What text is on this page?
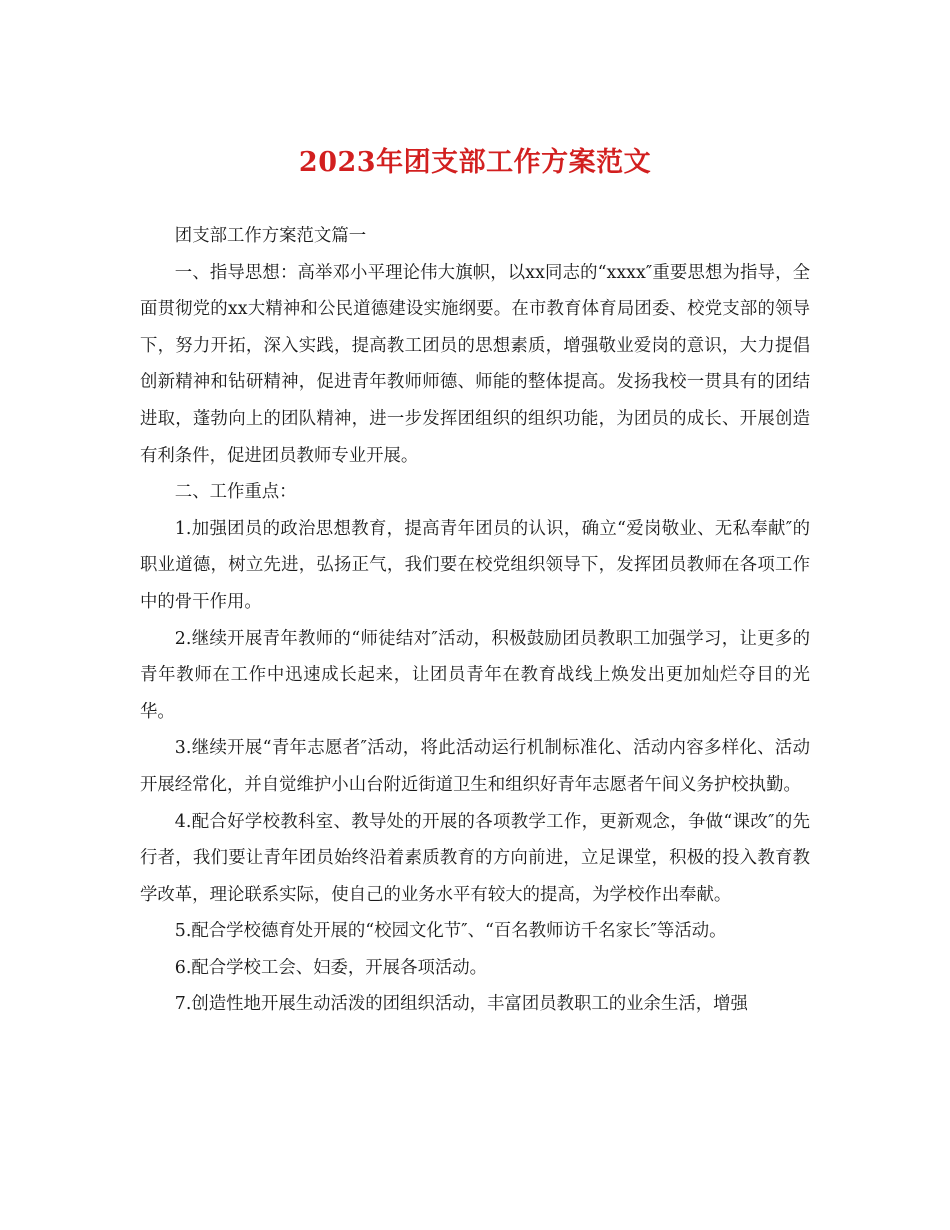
2023年团支部工作方案范文

团支部工作方案范文篇一

一、指导思想：高举邓小平理论伟大旗帜，以xx同志的“xxxx″重要思想为指导，全面贯彻党的xx大精神和公民道德建设实施纲要。在市教育体育局团委、校党支部的领导下，努力开拓，深入实践，提高教工团员的思想素质，增强敬业爱岗的意识，大力提倡创新精神和钻研精神，促进青年教师师德、师能的整体提高。发扬我校一贯具有的团结进取，蓬勃向上的团队精神，进一步发挥团组织的组织功能，为团员的成长、开展创造有利条件，促进团员教师专业开展。

二、工作重点：

1.加强团员的政治思想教育，提高青年团员的认识，确立“爱岗敬业、无私奉献″的职业道德，树立先进，弘扬正气，我们要在校党组织领导下，发挥团员教师在各项工作中的骨干作用。

2.继续开展青年教师的“师徒结对″活动，积极鼓励团员教职工加强学习，让更多的青年教师在工作中迅速成长起来，让团员青年在教育战线上焕发出更加灿烂夺目的光华。

3.继续开展“青年志愿者″活动，将此活动运行机制标准化、活动内容多样化、活动开展经常化，并自觉维护小山台附近街道卫生和组织好青年志愿者午间义务护校执勤。

4.配合好学校教科室、教导处的开展的各项教学工作，更新观念，争做“课改″的先行者，我们要让青年团员始终沿着素质教育的方向前进，立足课堂，积极的投入教育教学改革，理论联系实际，使自己的业务水平有较大的提高，为学校作出奉献。

5.配合学校德育处开展的“校园文化节″、“百名教师访千名家长″等活动。

6.配合学校工会、妇委，开展各项活动。

7.创造性地开展生动活泼的团组织活动，丰富团员教职工的业余生活，增强
